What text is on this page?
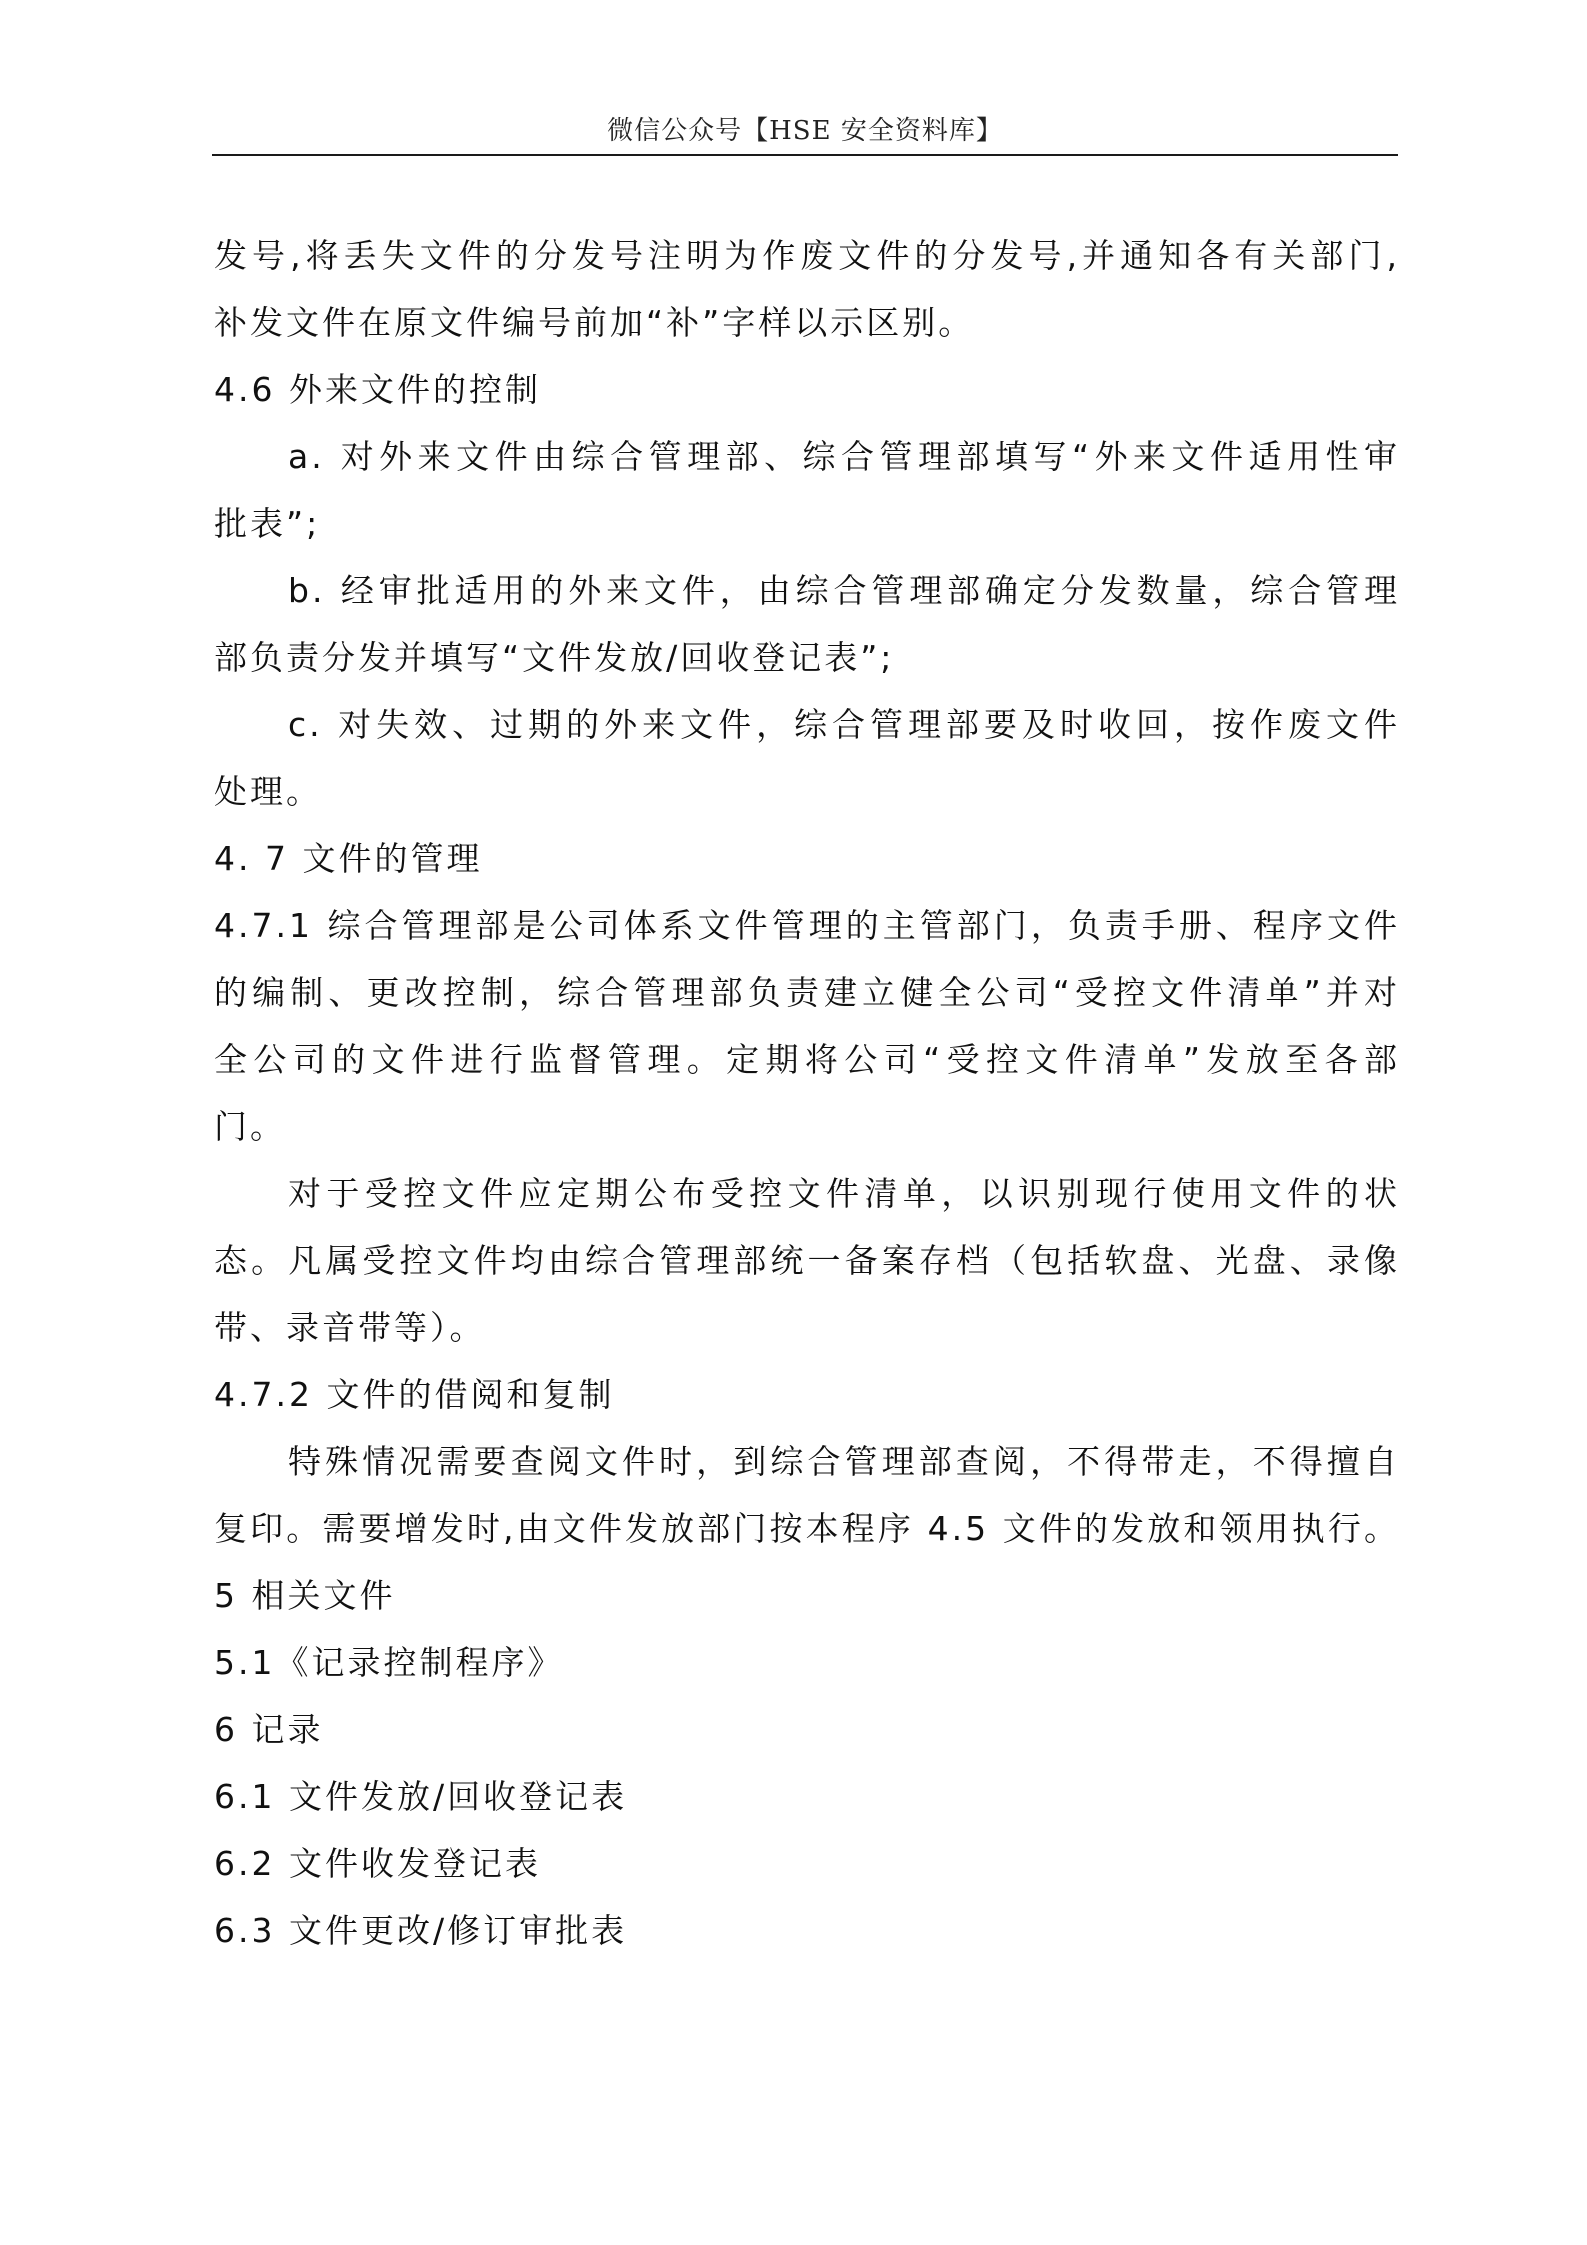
微信公众号【HSE 安全资料库】
发号,将丢失文件的分发号注明为作废文件的分发号,并通知各有关部门,
补发文件在原文件编号前加“补”字样以示区别。
4.6 外来文件的控制
a. 对外来文件由综合管理部、综合管理部填写“外来文件适用性审
批表”;
b. 经审批适用的外来文件，由综合管理部确定分发数量，综合管理
部负责分发并填写“文件发放/回收登记表”;
c. 对失效、过期的外来文件，综合管理部要及时收回，按作废文件
处理。
4. 7 文件的管理
4.7.1 综合管理部是公司体系文件管理的主管部门，负责手册、程序文件
的编制、更改控制，综合管理部负责建立健全公司“受控文件清单”并对
全公司的文件进行监督管理。定期将公司“受控文件清单”发放至各部
门。
对于受控文件应定期公布受控文件清单，以识别现行使用文件的状
态。凡属受控文件均由综合管理部统一备案存档（包括软盘、光盘、录像
带、录音带等）。
4.7.2 文件的借阅和复制
特殊情况需要查阅文件时，到综合管理部查阅，不得带走，不得擅自
复印。需要增发时,由文件发放部门按本程序 4.5 文件的发放和领用执行。
5 相关文件
5.1《记录控制程序》
6 记录
6.1 文件发放/回收登记表
6.2 文件收发登记表
6.3 文件更改/修订审批表
